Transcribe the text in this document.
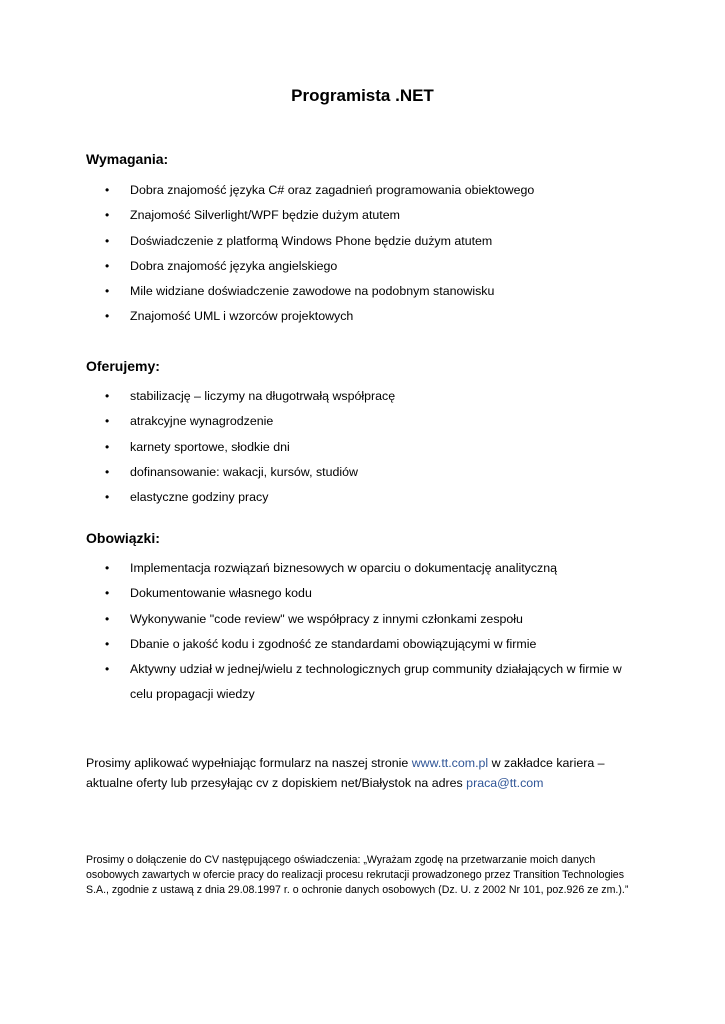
Programista .NET
Wymagania:
• Dobra znajomość języka C# oraz zagadnień programowania obiektowego
• Znajomość Silverlight/WPF będzie dużym atutem
• Doświadczenie z platformą Windows Phone będzie dużym atutem
• Dobra znajomość języka angielskiego
• Mile widziane doświadczenie zawodowe na podobnym stanowisku
• Znajomość UML i wzorców projektowych
Oferujemy:
• stabilizację – liczymy na długotrwałą współpracę
• atrakcyjne wynagrodzenie
• karnety sportowe, słodkie dni
• dofinansowanie: wakacji, kursów, studiów
• elastyczne godziny pracy
Obowiązki:
• Implementacja rozwiązań biznesowych w oparciu o dokumentację analityczną
• Dokumentowanie własnego kodu
• Wykonywanie "code review" we współpracy z innymi członkami zespołu
• Dbanie o jakość kodu i zgodność ze standardami obowiązującymi w firmie
• Aktywny udział w jednej/wielu z technologicznych grup community działających w firmie w celu propagacji wiedzy

Prosimy aplikować wypełniając formularz na naszej stronie www.tt.com.pl w zakładce kariera – aktualne oferty lub przesyłając cv z dopiskiem net/Białystok na adres praca@tt.com

Prosimy o dołączenie do CV następującego oświadczenia: „Wyrażam zgodę na przetwarzanie moich danych osobowych zawartych w ofercie pracy do realizacji procesu rekrutacji prowadzonego przez Transition Technologies S.A., zgodnie z ustawą z dnia 29.08.1997 r. o ochronie danych osobowych (Dz. U. z 2002 Nr 101, poz.926 ze zm.).”
